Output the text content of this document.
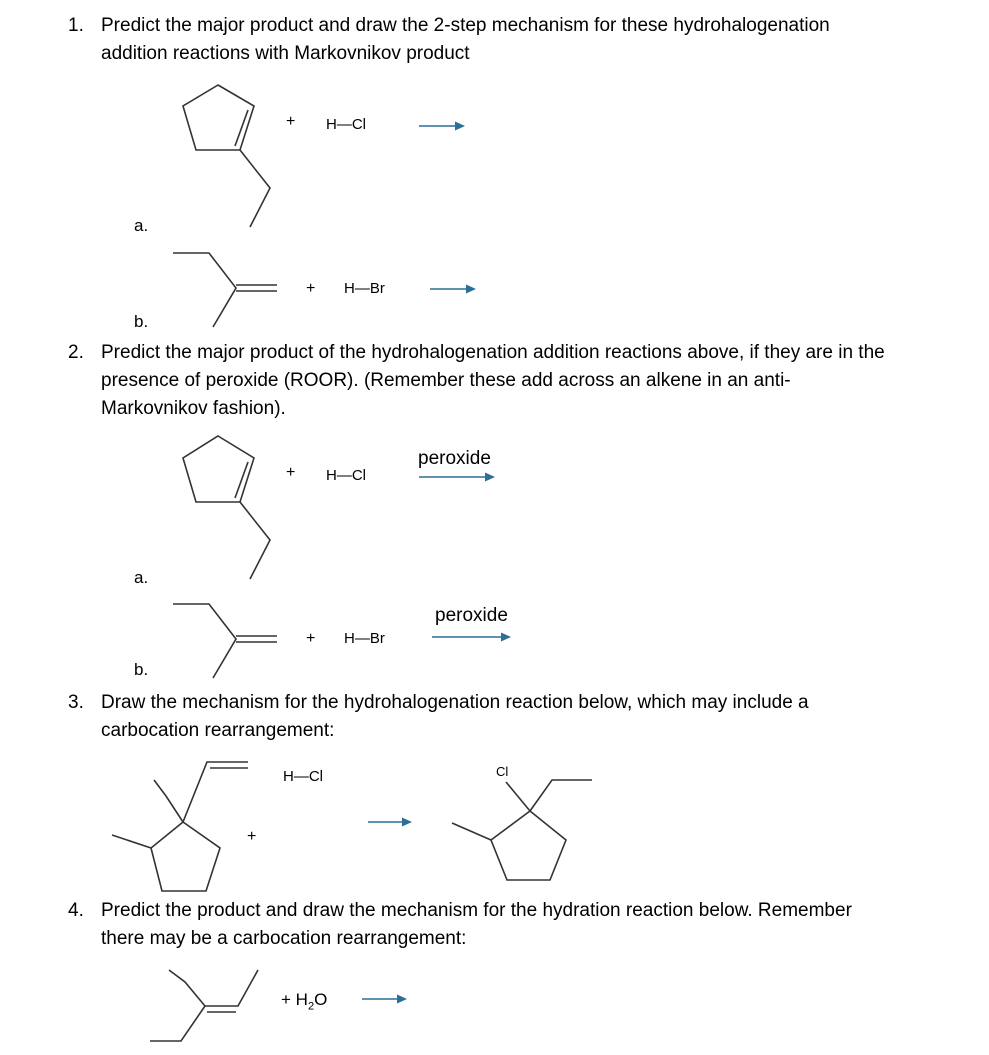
1. Predict the major product and draw the 2-step mechanism for these hydrohalogenation
addition reactions with Markovnikov product
+ H—Cl
a.
+ H—Br
b.
2. Predict the major product of the hydrohalogenation addition reactions above, if they are in the
presence of peroxide (ROOR). (Remember these add across an alkene in an anti-
Markovnikov fashion).
+ H—Cl
peroxide
a.
+ H—Br
peroxide
b.
3. Draw the mechanism for the hydrohalogenation reaction below, which may include a
carbocation rearrangement:
H—Cl
+
Cl
4. Predict the product and draw the mechanism for the hydration reaction below. Remember
there may be a carbocation rearrangement:
+ $H_2O$
